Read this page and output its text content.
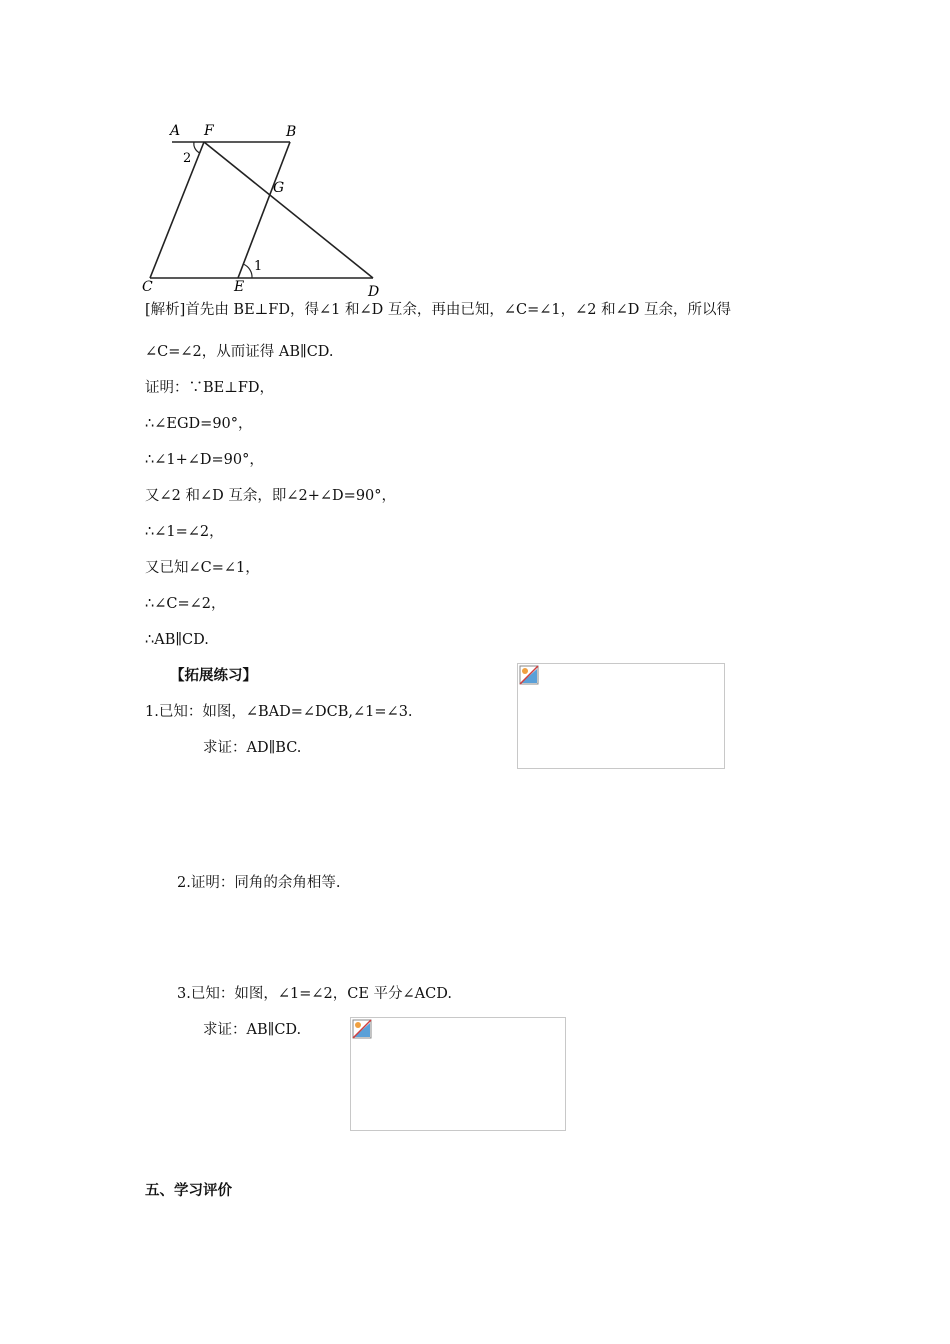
A F	B
G
C	E	D
2
1
[解析]首先由 BE⊥FD，得∠1 和∠D 互余，再由已知，∠C=∠1，∠2 和∠D 互余，所以得
∠C=∠2，从而证得 AB∥CD.
证明：∵BE⊥FD，
∴∠EGD=90°，
∴∠1+∠D=90°，
又∠2 和∠D 互余，即∠2+∠D=90°，
∴∠1=∠2，
又已知∠C=∠1，
∴∠C=∠2，
∴AB∥CD.
【拓展练习】
1.已知：如图，∠BAD=∠DCB,∠1=∠3.
求证：AD∥BC.
2.证明：同角的余角相等.
3.已知：如图，∠1=∠2，CE 平分∠ACD.
求证：AB∥CD.
五、学习评价
